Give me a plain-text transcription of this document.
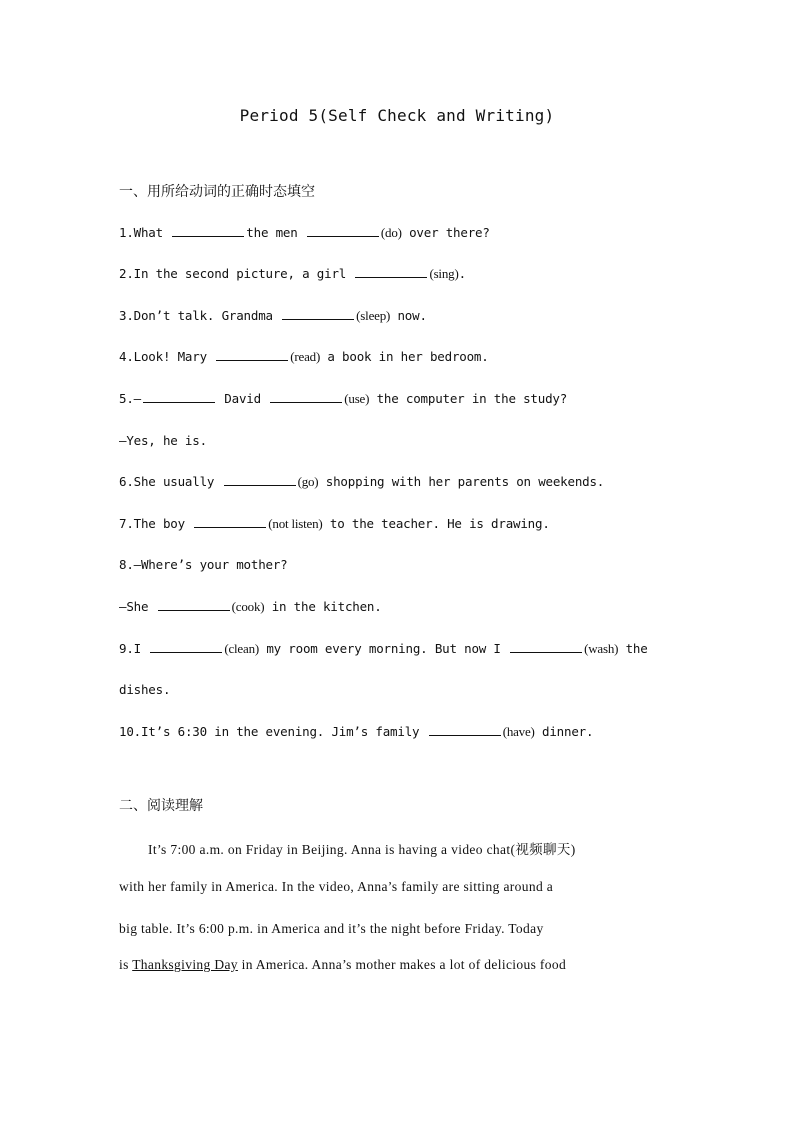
Period 5(Self Check and Writing)
一、用所给动词的正确时态填空
1.What	the men	(do) over there?
2.In the second picture, a girl	(sing).
3.Don’t talk. Grandma	(sleep) now.
4.Look! Mary	(read) a book in her bedroom.
5.—	David	(use) the computer in the study?
—Yes, he is.
6.She usually	(go) shopping with her parents on weekends.
7.The boy	(not listen) to the teacher. He is drawing.
8.—Where’s your mother?
—She	(cook) in the kitchen.
9.I	(clean) my room every morning. But now I	(wash) the
dishes.
10.It’s 6:30 in the evening. Jim’s family	(have) dinner.
二、阅读理解
It’s 7:00 a.m. on Friday in Beijing. Anna is having a video chat(视频聊天)
with her family in America. In the video, Anna’s family are sitting around a
big table. It’s 6:00 p.m. in America and it’s the night before Friday. Today
is Thanksgiving Day in America. Anna’s mother makes a lot of delicious food
